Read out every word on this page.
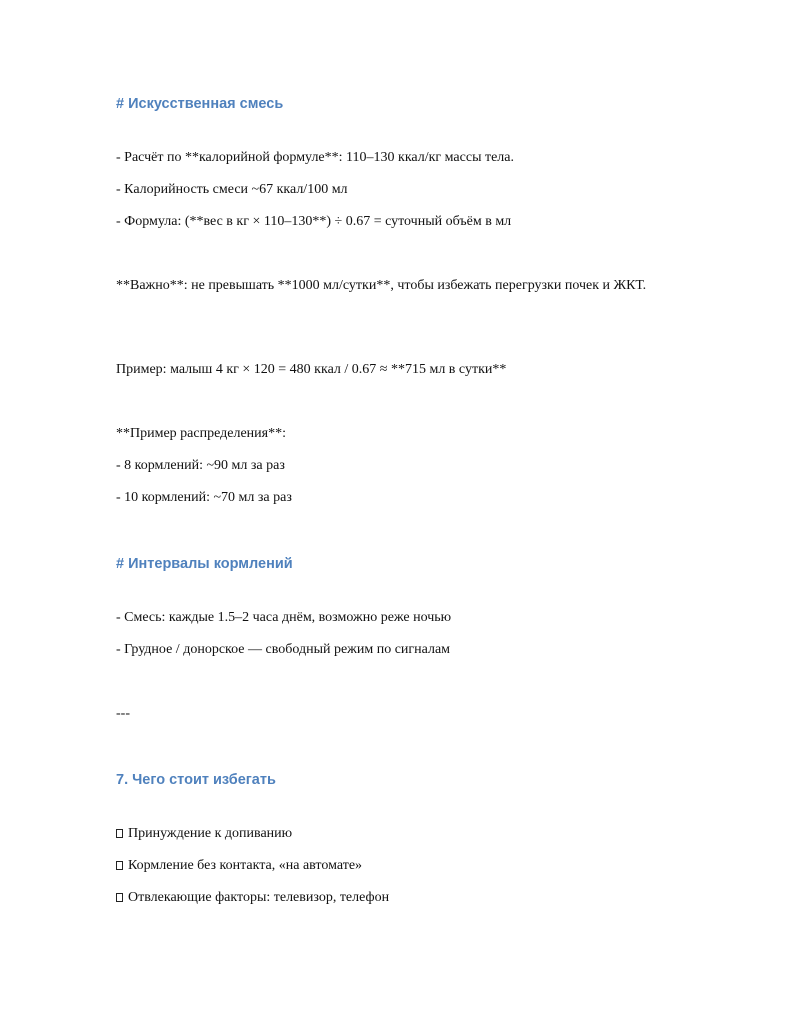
# Искусственная смесь

- Расчёт по **калорийной формуле**: 110–130 ккал/кг массы тела.

- Калорийность смеси ~67 ккал/100 мл

- Формула: (**вес в кг × 110–130**) ÷ 0.67 = суточный объём в мл

**Важно**: не превышать **1000 мл/сутки**, чтобы избежать перегрузки почек и ЖКТ.

Пример: малыш 4 кг × 120 = 480 ккал / 0.67 ≈ **715 мл в сутки**

**Пример распределения**:

- 8 кормлений: ~90 мл за раз

- 10 кормлений: ~70 мл за раз

# Интервалы кормлений

- Смесь: каждые 1.5–2 часа днём, возможно реже ночью

- Грудное / донорское — свободный режим по сигналам

---

7. Чего стоит избегать

Принуждение к допиванию

Кормление без контакта, «на автомате»

Отвлекающие факторы: телевизор, телефон
